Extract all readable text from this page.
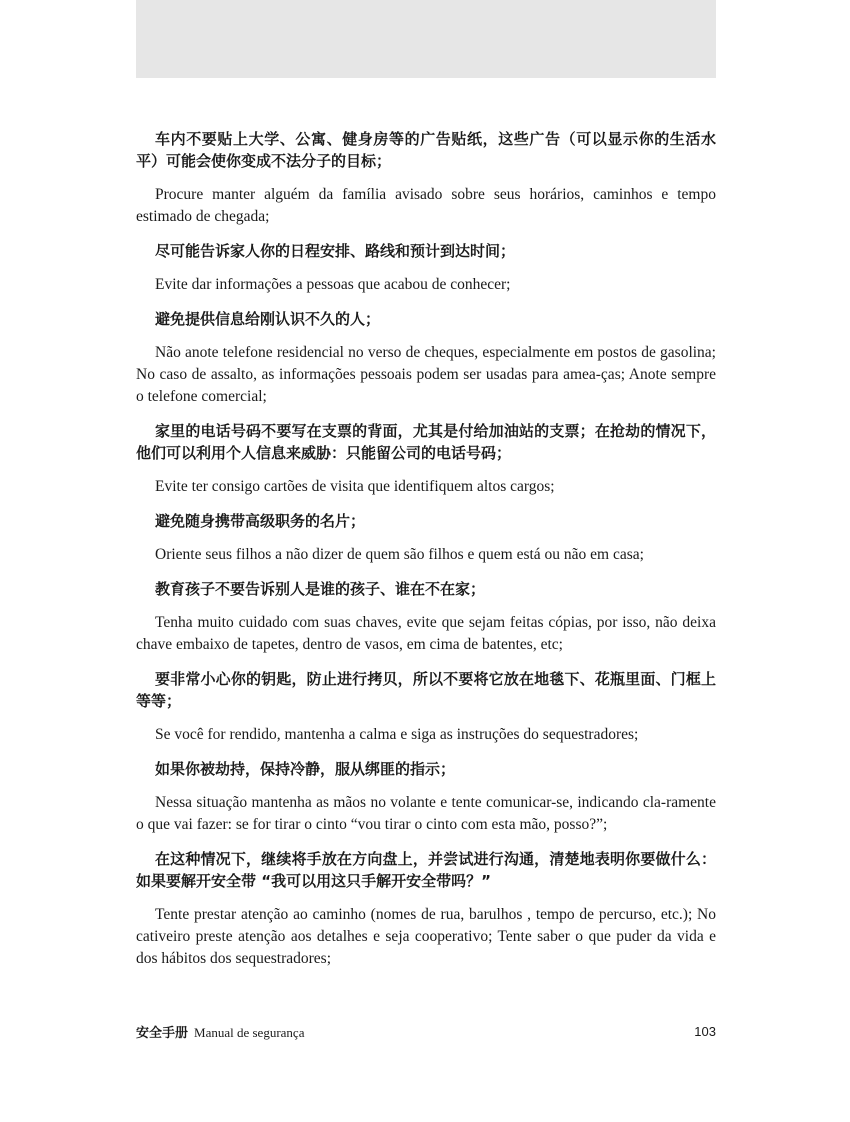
车内不要贴上大学、公寓、健身房等的广告贴纸，这些广告（可以显示你的生活水平）可能会使你变成不法分子的目标；

Procure manter alguém da família avisado sobre seus horários, caminhos e tempo estimado de chegada;

尽可能告诉家人你的日程安排、路线和预计到达时间；

Evite dar informações a pessoas que acabou de conhecer;

避免提供信息给刚认识不久的人；

Não anote telefone residencial no verso de cheques, especialmente em postos de gasolina; No caso de assalto, as informações pessoais podem ser usadas para amea-ças; Anote sempre o telefone comercial;

家里的电话号码不要写在支票的背面，尤其是付给加油站的支票；在抢劫的情况下，他们可以利用个人信息来威胁：只能留公司的电话号码；

Evite ter consigo cartões de visita que identifiquem altos cargos;

避免随身携带高级职务的名片；

Oriente seus filhos a não dizer de quem são filhos e quem está ou não em casa;

教育孩子不要告诉别人是谁的孩子、谁在不在家；

Tenha muito cuidado com suas chaves, evite que sejam feitas cópias, por isso, não deixa chave embaixo de tapetes, dentro de vasos, em cima de batentes, etc;

要非常小心你的钥匙，防止进行拷贝，所以不要将它放在地毯下、花瓶里面、门框上等等；

Se você for rendido, mantenha a calma e siga as instruções do sequestradores;

如果你被劫持，保持冷静，服从绑匪的指示；

Nessa situação mantenha as mãos no volante e tente comunicar-se, indicando cla-ramente o que vai fazer: se for tirar o cinto “vou tirar o cinto com esta mão, posso?”;

在这种情况下，继续将手放在方向盘上，并尝试进行沟通，清楚地表明你要做什么：如果要解开安全带 “我可以用这只手解开安全带吗？”

Tente prestar atenção ao caminho (nomes de rua, barulhos , tempo de percurso, etc.); No cativeiro preste atenção aos detalhes e seja cooperativo; Tente saber o que puder da vida e dos hábitos dos sequestradores;

安全手册 Manual de segurança	103
